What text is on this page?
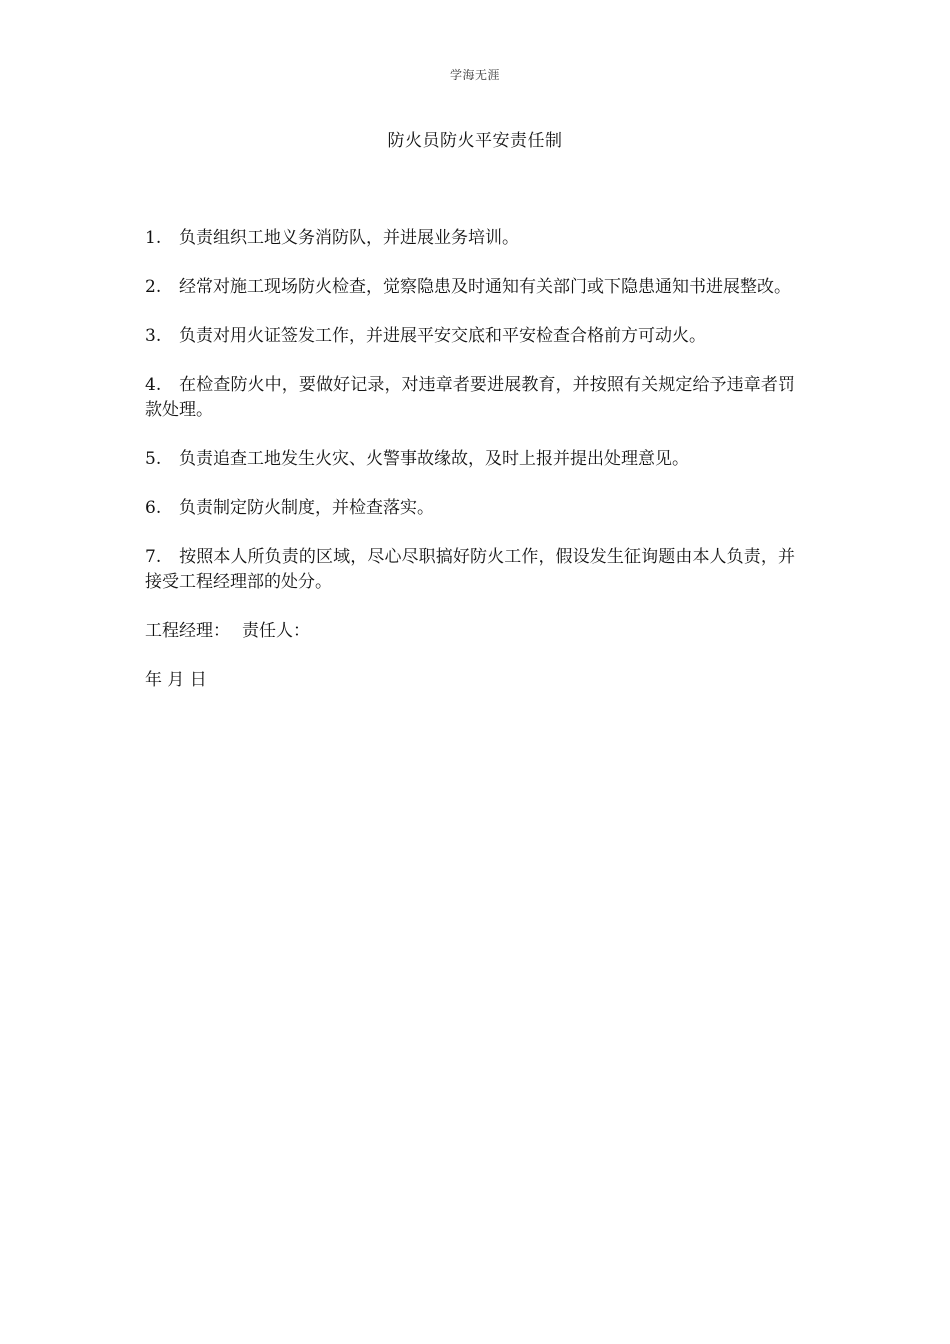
学海无涯
防火员防火平安责任制

1. 负责组织工地义务消防队，并进展业务培训。

2. 经常对施工现场防火检查，觉察隐患及时通知有关部门或下隐患通知书进展整改。

3. 负责对用火证签发工作，并进展平安交底和平安检查合格前方可动火。

4. 在检查防火中，要做好记录，对违章者要进展教育，并按照有关规定给予违章者罚款处理。

5. 负责追查工地发生火灾、火警事故缘故，及时上报并提出处理意见。

6. 负责制定防火制度，并检查落实。

7. 按照本人所负责的区域，尽心尽职搞好防火工作，假设发生征询题由本人负责，并接受工程经理部的处分。

工程经理： 责任人：

年 月 日
